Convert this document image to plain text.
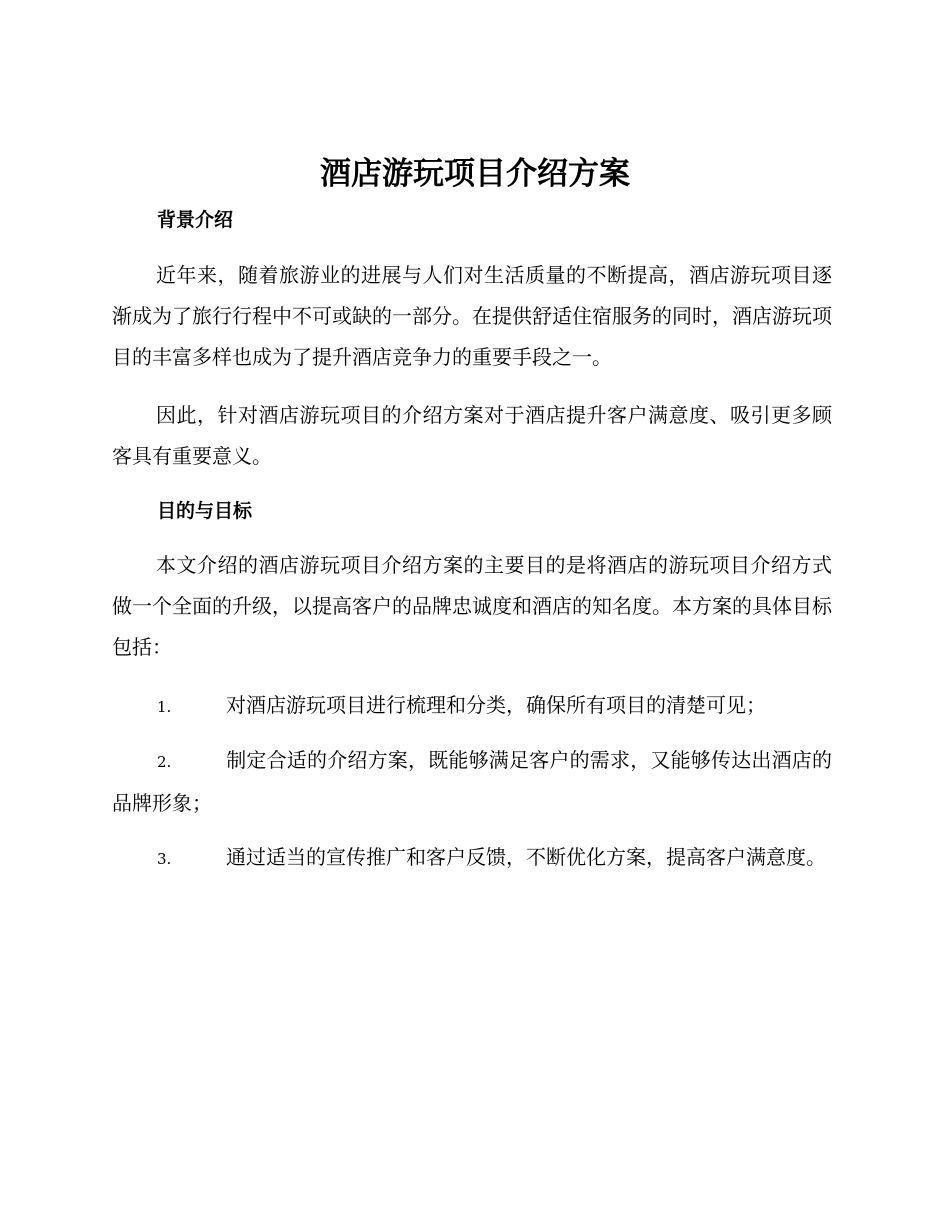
酒店游玩项目介绍方案
背景介绍

近年来，随着旅游业的进展与人们对生活质量的不断提高，酒店游玩项目逐渐成为了旅行行程中不可或缺的一部分。在提供舒适住宿服务的同时，酒店游玩项目的丰富多样也成为了提升酒店竞争力的重要手段之一。

因此，针对酒店游玩项目的介绍方案对于酒店提升客户满意度、吸引更多顾客具有重要意义。

目的与目标

本文介绍的酒店游玩项目介绍方案的主要目的是将酒店的游玩项目介绍方式做一个全面的升级，以提高客户的品牌忠诚度和酒店的知名度。本方案的具体目标包括：

1.	对酒店游玩项目进行梳理和分类，确保所有项目的清楚可见；

2.	制定合适的介绍方案，既能够满足客户的需求，又能够传达出酒店的品牌形象；

3.	通过适当的宣传推广和客户反馈，不断优化方案，提高客户满意度。
